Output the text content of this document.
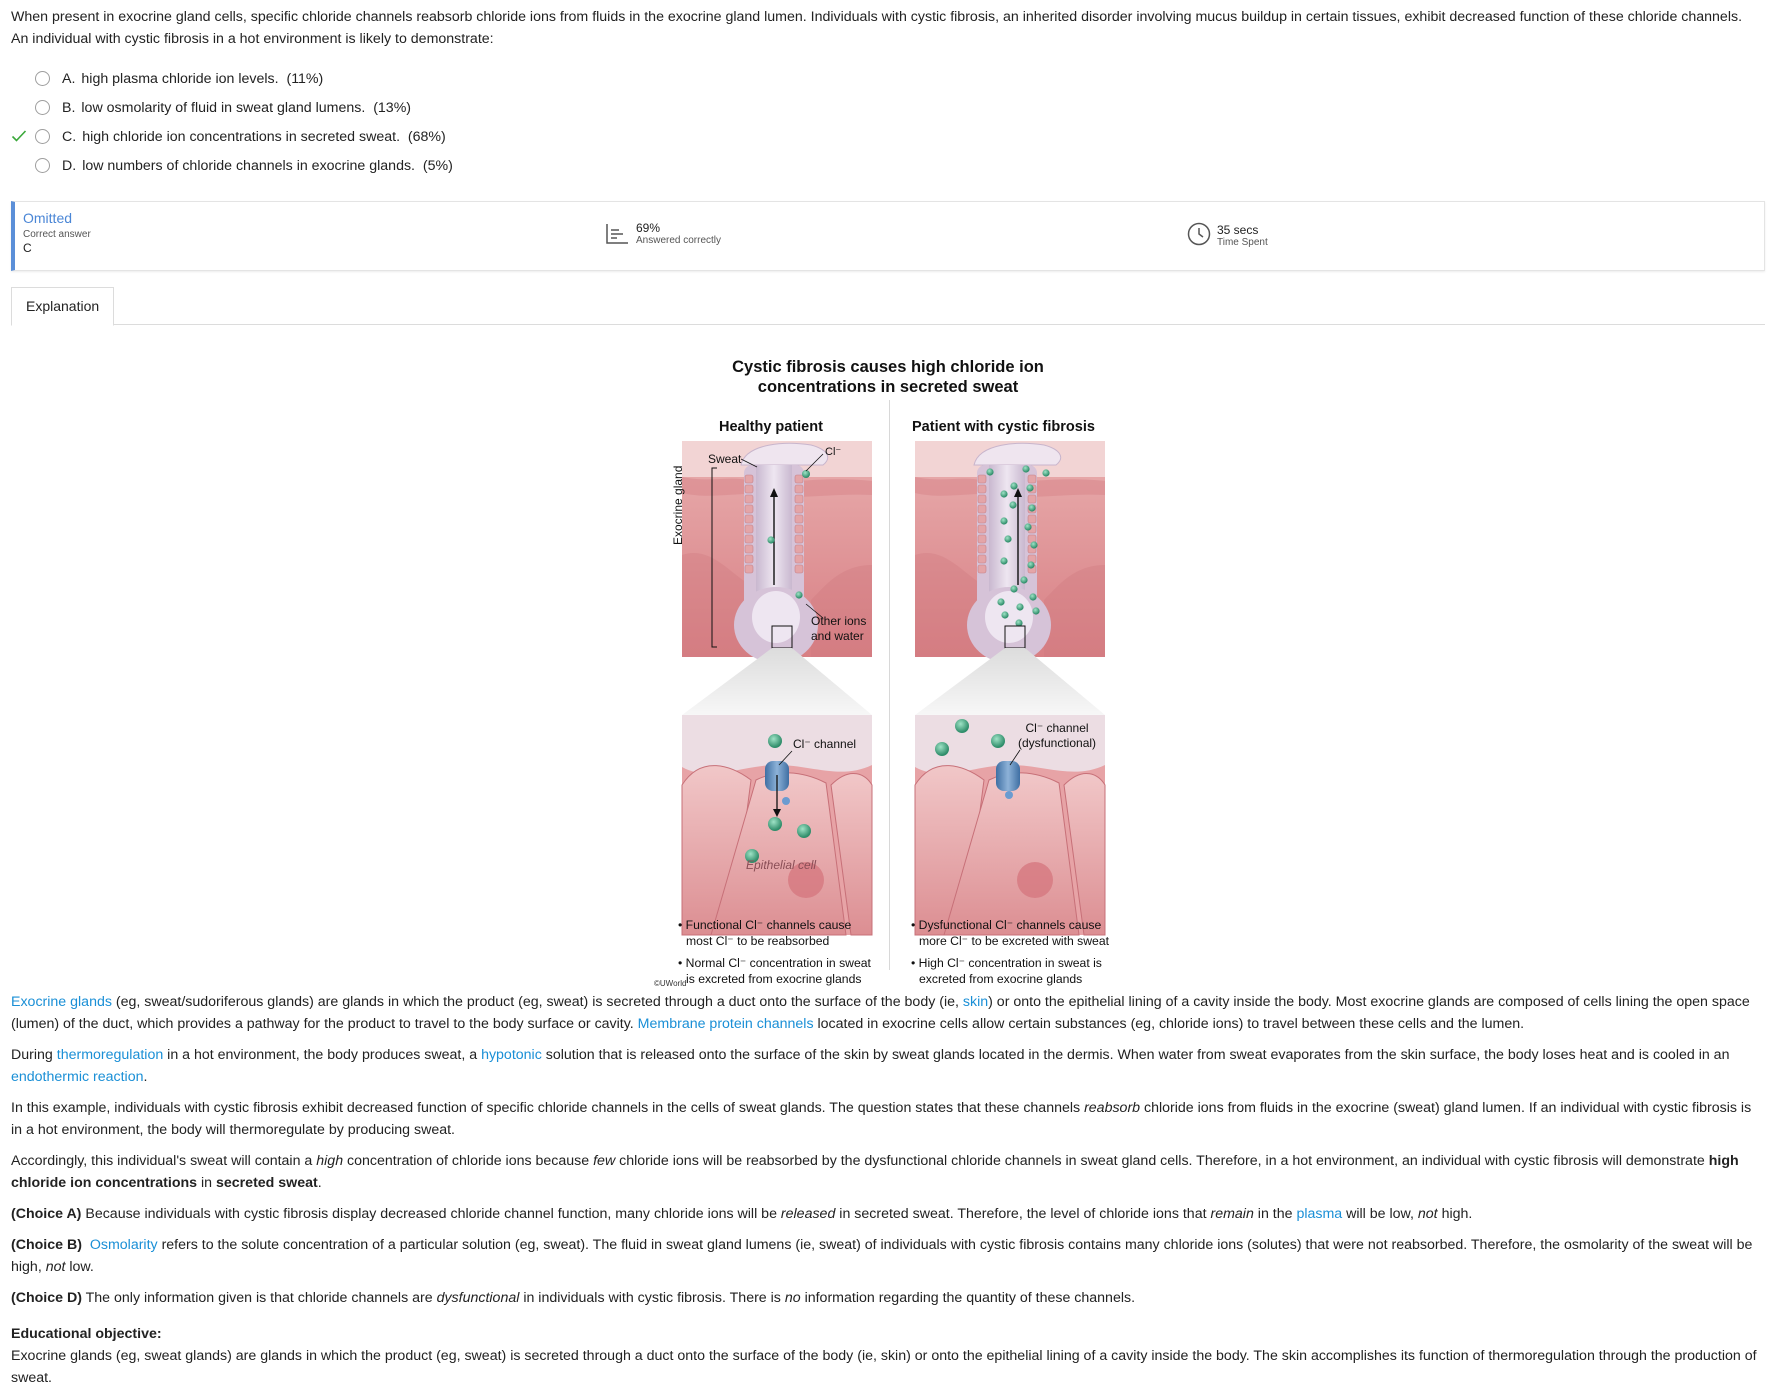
When present in exocrine gland cells, specific chloride channels reabsorb chloride ions from fluids in the exocrine gland lumen. Individuals with cystic fibrosis, an inherited disorder involving mucus buildup in certain tissues, exhibit decreased function of these chloride channels. An individual with cystic fibrosis in a hot environment is likely to demonstrate:
A. high plasma chloride ion levels.
(11%)
B. low osmolarity of fluid in sweat gland lumens.
(13%)
C. high chloride ion concentrations in secreted sweat.
(68%)
D. low numbers of chloride channels in exocrine glands.
(5%)
Omitted
Correct answer
C
69%
Answered correctly
35 secs
Time Spent
Explanation
Cystic fibrosis causes high chloride ion
concentrations in secreted sweat
Healthy patient	Patient with cystic fibrosis
Sweat	Cl⁻
Exocrine gland
Other ions
and water
Cl⁻ channel
Cl⁻ channel
(dysfunctional)
Epithelial cell
• Functional Cl⁻ channels cause
most Cl⁻ to be reabsorbed
• Normal Cl⁻ concentration in sweat
is excreted from exocrine glands
• Dysfunctional Cl⁻ channels cause
more Cl⁻ to be excreted with sweat
• High Cl⁻ concentration in sweat is
excreted from exocrine glands
©UWorld

Exocrine glands (eg, sweat/sudoriferous glands) are glands in which the product (eg, sweat) is secreted through a duct onto the surface of the body (ie, skin) or onto the epithelial lining of a cavity inside the body. Most exocrine glands are composed of cells lining the open space (lumen) of the duct, which provides a pathway for the product to travel to the body surface or cavity. Membrane protein channels located in exocrine cells allow certain substances (eg, chloride ions) to travel between these cells and the lumen.

During thermoregulation in a hot environment, the body produces sweat, a hypotonic solution that is released onto the surface of the skin by sweat glands located in the dermis. When water from sweat evaporates from the skin surface, the body loses heat and is cooled in an endothermic reaction.

In this example, individuals with cystic fibrosis exhibit decreased function of specific chloride channels in the cells of sweat glands. The question states that these channels reabsorb chloride ions from fluids in the exocrine (sweat) gland lumen. If an individual with cystic fibrosis is in a hot environment, the body will thermoregulate by producing sweat.

Accordingly, this individual's sweat will contain a high concentration of chloride ions because few chloride ions will be reabsorbed by the dysfunctional chloride channels in sweat gland cells. Therefore, in a hot environment, an individual with cystic fibrosis will demonstrate high chloride ion concentrations in secreted sweat.

(Choice A) Because individuals with cystic fibrosis display decreased chloride channel function, many chloride ions will be released in secreted sweat. Therefore, the level of chloride ions that remain in the plasma will be low, not high.

(Choice B) Osmolarity refers to the solute concentration of a particular solution (eg, sweat). The fluid in sweat gland lumens (ie, sweat) of individuals with cystic fibrosis contains many chloride ions (solutes) that were not reabsorbed. Therefore, the osmolarity of the sweat will be high, not low.

(Choice D) The only information given is that chloride channels are dysfunctional in individuals with cystic fibrosis. There is no information regarding the quantity of these channels.

Educational objective:
Exocrine glands (eg, sweat glands) are glands in which the product (eg, sweat) is secreted through a duct onto the surface of the body (ie, skin) or onto the epithelial lining of a cavity inside the body. The skin accomplishes its function of thermoregulation through the production of sweat.
